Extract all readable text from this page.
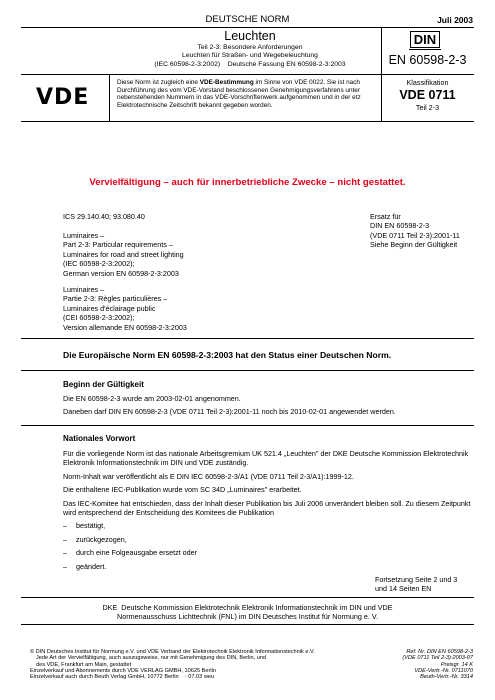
DEUTSCHE NORM	Juli 2003
Leuchten
Teil 2-3: Besondere Anforderungen
Leuchten für Straßen- und Wegebeleuchtung
(IEC 60598-2-3:2002)    Deutsche Fassung EN 60598-2-3:2003
DIN
EN 60598-2-3
VDE
Diese Norm ist zugleich eine VDE-Bestimmung im Sinne von VDE 0022. Sie ist nach Durchführung des vom VDE-Vorstand beschlossenen Genehmigungsverfahrens unter nebenstehenden Nummern in das VDE-Vorschriftenwerk aufgenommen und in der etz Elektrotechnische Zeitschrift bekannt gegeben worden.
Klassifikation
VDE 0711
Teil 2-3
Vervielfältigung – auch für innerbetriebliche Zwecke – nicht gestattet.
ICS 29.140.40; 93.080.40
Luminaires –
Part 2-3: Particular requirements –
Luminaires for road and street lighting
(IEC 60598-2-3:2002);
German version EN 60598-2-3:2003
Luminaires –
Partie 2-3: Règles particulières –
Luminaires d'éclairage public
(CEI 60598-2-3:2002);
Version allemande EN 60598-2-3:2003
Ersatz für
DIN EN 60598-2-3
(VDE 0711 Teil 2-3):2001-11
Siehe Beginn der Gültigkeit
Die Europäische Norm EN 60598-2-3:2003 hat den Status einer Deutschen Norm.
Beginn der Gültigkeit

Die EN 60598-2-3 wurde am 2003-02-01 angenommen.

Daneben darf DIN EN 60598-2-3 (VDE 0711 Teil 2-3):2001-11 noch bis 2010-02-01 angewendet werden.

Nationales Vorwort

Für die vorliegende Norm ist das nationale Arbeitsgremium UK 521.4 „Leuchten" der DKE Deutsche Kommission Elektrotechnik Elektronik Informationstechnik im DIN und VDE zuständig.

Norm-Inhalt war veröffentlicht als E DIN IEC 60598-2-3/A1 (VDE 0711 Teil 2-3/A1):1999-12.

Die enthaltene IEC-Publikation wurde vom SC 34D „Luminaires" erarbeitet.

Das IEC-Komitee hat entschieden, dass der Inhalt dieser Publikation bis Juli 2006 unverändert bleiben soll. Zu diesem Zeitpunkt wird entsprechend der Entscheidung des Komitees die Publikation

– bestätigt,
– zurückgezogen,
– durch eine Folgeausgabe ersetzt oder
– geändert.
Fortsetzung Seite 2 und 3
und 14 Seiten EN
DKE  Deutsche Kommission Elektrotechnik Elektronik Informationstechnik im DIN und VDE
Normenausschuss Lichttechnik (FNL) im DIN Deutsches Institut für Normung e. V.
© DIN Deutsches Institut für Normung e.V. und VDE Verband der Elektrotechnik Elektronik Informationstechnik e.V.
Jede Art der Vervielfältigung, auch auszugsweise, nur mit Genehmigung des DIN, Berlin, und
des VDE, Frankfurt am Main, gestattet
Einzelverkauf und Abonnements durch VDE VERLAG GMBH, 10625 Berlin
Einzelverkauf auch durch Beuth Verlag GmbH, 10772 Berlin    · 07.03 weu
Ref. Nr. DIN EN 60598-2-3
(VDE 0711 Teil 2-3):2003-07
Preisgr. 14 K
VDE-Vertr.-Nr. 0711070
Beuth-Vertr.-Nr. 3314
